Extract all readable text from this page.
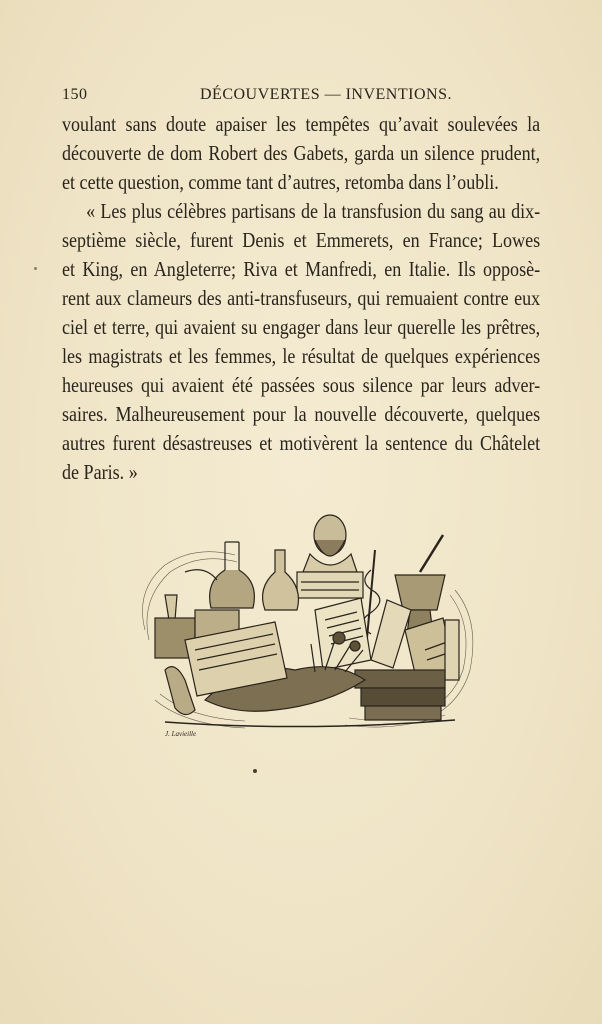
150	DÉCOUVERTES — INVENTIONS.
voulant sans doute apaiser les tempêtes qu’avait soulevées la
découverte de dom Robert des Gabets, garda un silence prudent,
et cette question, comme tant d’autres, retomba dans l’oubli.
« Les plus célèbres partisans de la transfusion du sang au dix-
septième siècle, furent Denis et Emmerets, en France; Lowes
et King, en Angleterre; Riva et Manfredi, en Italie. Ils opposè-
rent aux clameurs des anti-transfuseurs, qui remuaient contre eux
ciel et terre, qui avaient su engager dans leur querelle les prêtres,
les magistrats et les femmes, le résultat de quelques expériences
heureuses qui avaient été passées sous silence par leurs adver-
saires. Malheureusement pour la nouvelle découverte, quelques
autres furent désastreuses et motivèrent la sentence du Châtelet
de Paris. »
J. Lavieille
